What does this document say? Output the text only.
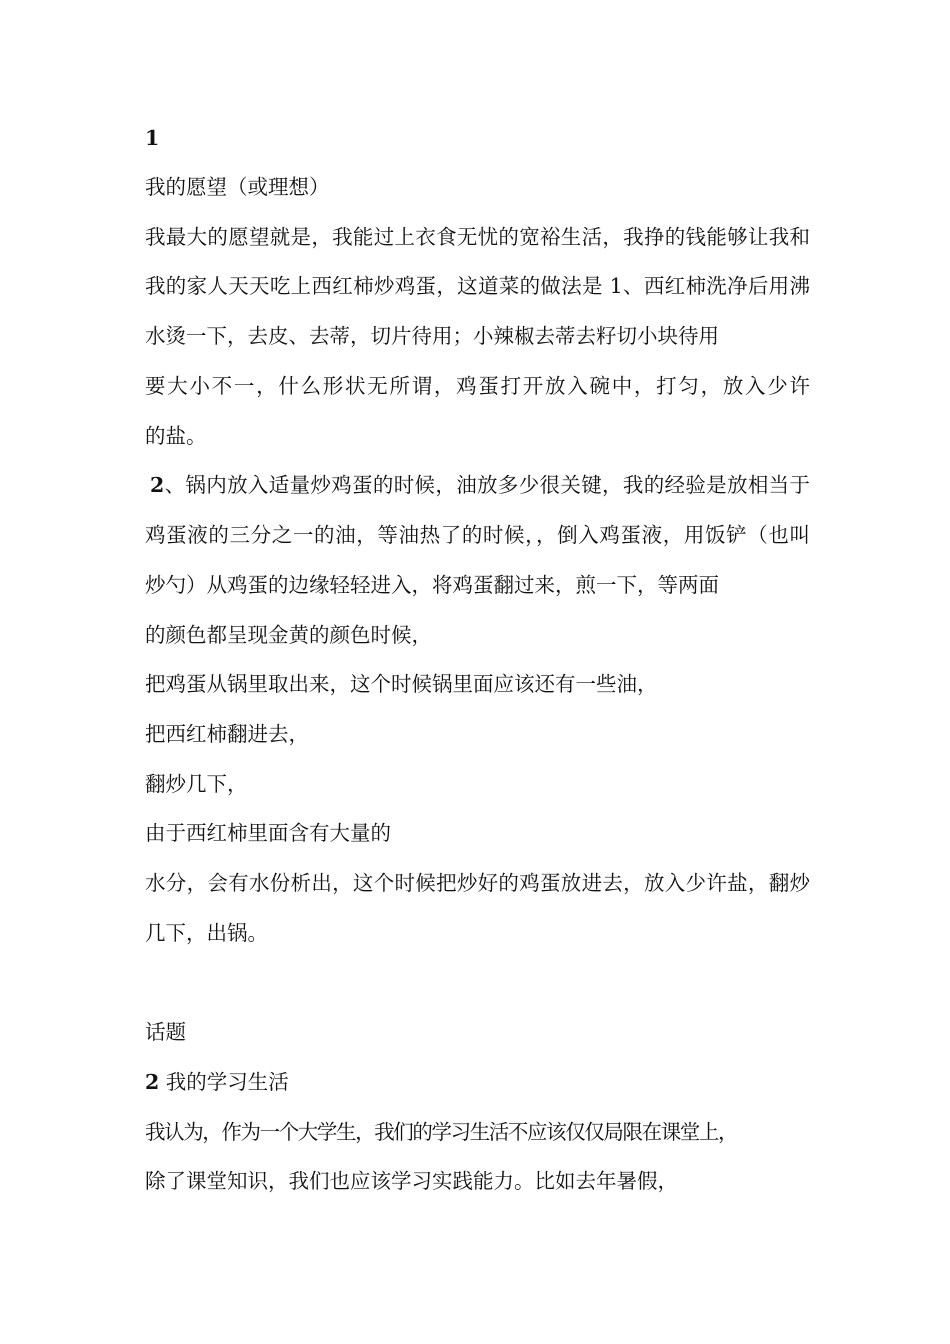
1

我的愿望（或理想）

我最大的愿望就是，我能过上衣食无忧的宽裕生活，我挣的钱能够让我和

我的家人天天吃上西红柿炒鸡蛋，这道菜的做法是 1、西红柿洗净后用沸

水烫一下，去皮、去蒂，切片待用；小辣椒去蒂去籽切小块待用

要大小不一，什么形状无所谓，鸡蛋打开放入碗中，打匀，放入少许

的盐。

2、锅内放入适量炒鸡蛋的时候，油放多少很关键，我的经验是放相当于

鸡蛋液的三分之一的油，等油热了的时候，，倒入鸡蛋液，用饭铲（也叫

炒勺）从鸡蛋的边缘轻轻进入，将鸡蛋翻过来，煎一下，等两面

的颜色都呈现金黄的颜色时候，

把鸡蛋从锅里取出来，这个时候锅里面应该还有一些油，

把西红柿翻进去，

翻炒几下，

由于西红柿里面含有大量的

水分，会有水份析出，这个时候把炒好的鸡蛋放进去，放入少许盐，翻炒

几下，出锅。

话题

2 我的学习生活

我认为，作为一个大学生，我们的学习生活不应该仅仅局限在课堂上，

除了课堂知识，我们也应该学习实践能力。比如去年暑假，
